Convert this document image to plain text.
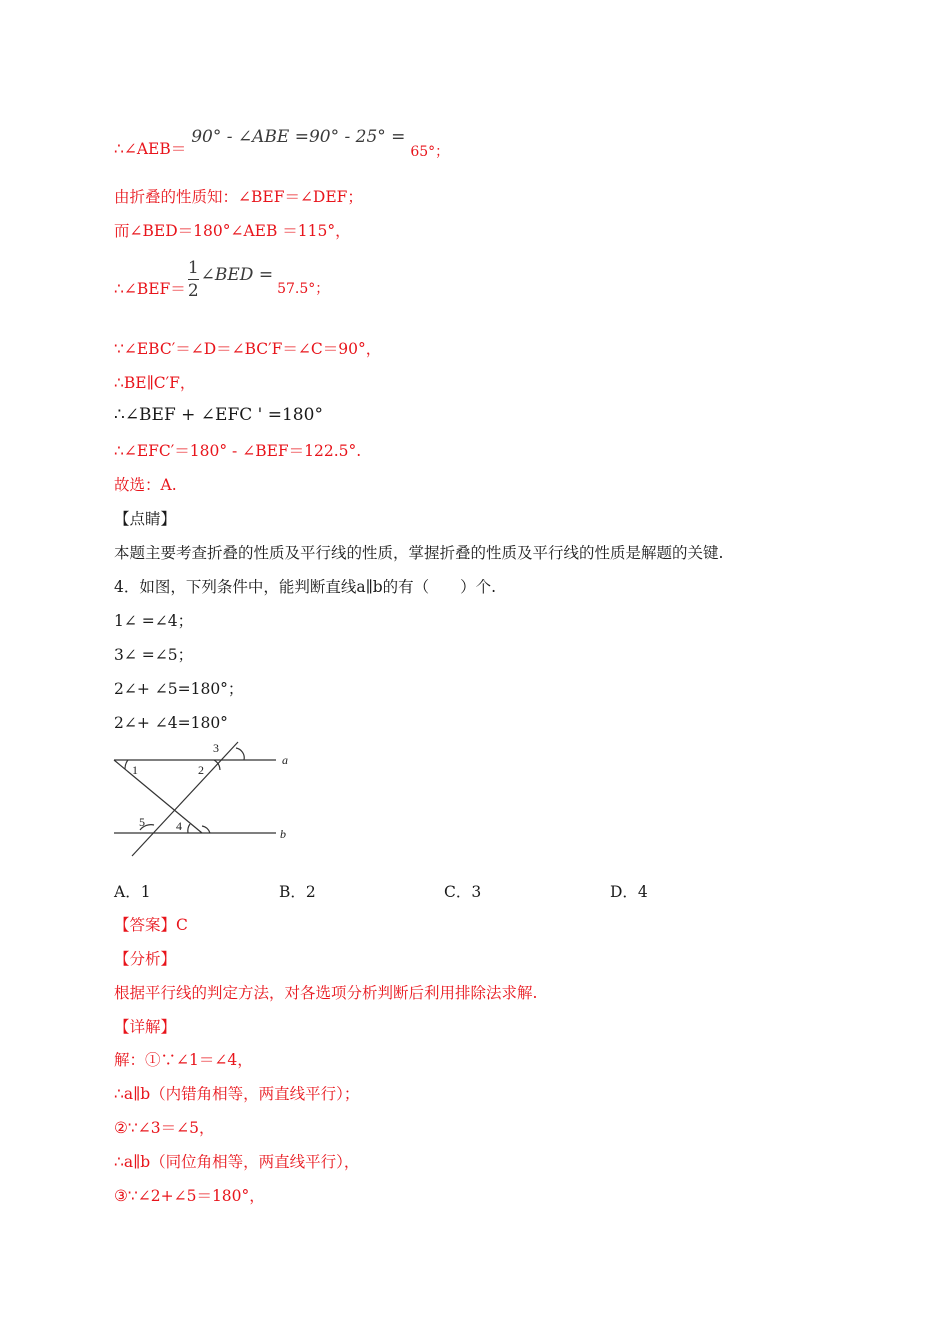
∴∠AEB＝ 90° - ∠ABE =90° - 25° = 65°；
由折叠的性质知：∠BEF＝∠DEF；
而∠BED＝180°∠AEB ＝115°，
∴∠BEF＝ $\frac{1}{2}$ ∠BED =
57.5°；
∵∠EBC′＝∠D＝∠BC′F＝∠C＝90°，
∴BE∥C′F，
∴∠BEF + ∠EFC ' =180°
∴∠EFC′＝180° - ∠BEF＝122.5°.
故选：A.
【点睛】
本题主要考查折叠的性质及平行线的性质，掌握折叠的性质及平行线的性质是解题的关键.
4．如图，下列条件中，能判断直线a∥b的有（　　）个.
1∠ =∠4；
3∠ =∠5；
2∠+ ∠5=180°；
2∠+ ∠4=180°
1	2
3
4
5
a
b
A．1	B．2	C．3	D．4
【答案】C
【分析】
根据平行线的判定方法，对各选项分析判断后利用排除法求解.
【详解】
解：①∵∠1＝∠4，
∴a∥b（内错角相等，两直线平行）；
②∵∠3＝∠5，
∴a∥b（同位角相等，两直线平行），
③∵∠2+∠5＝180°，
